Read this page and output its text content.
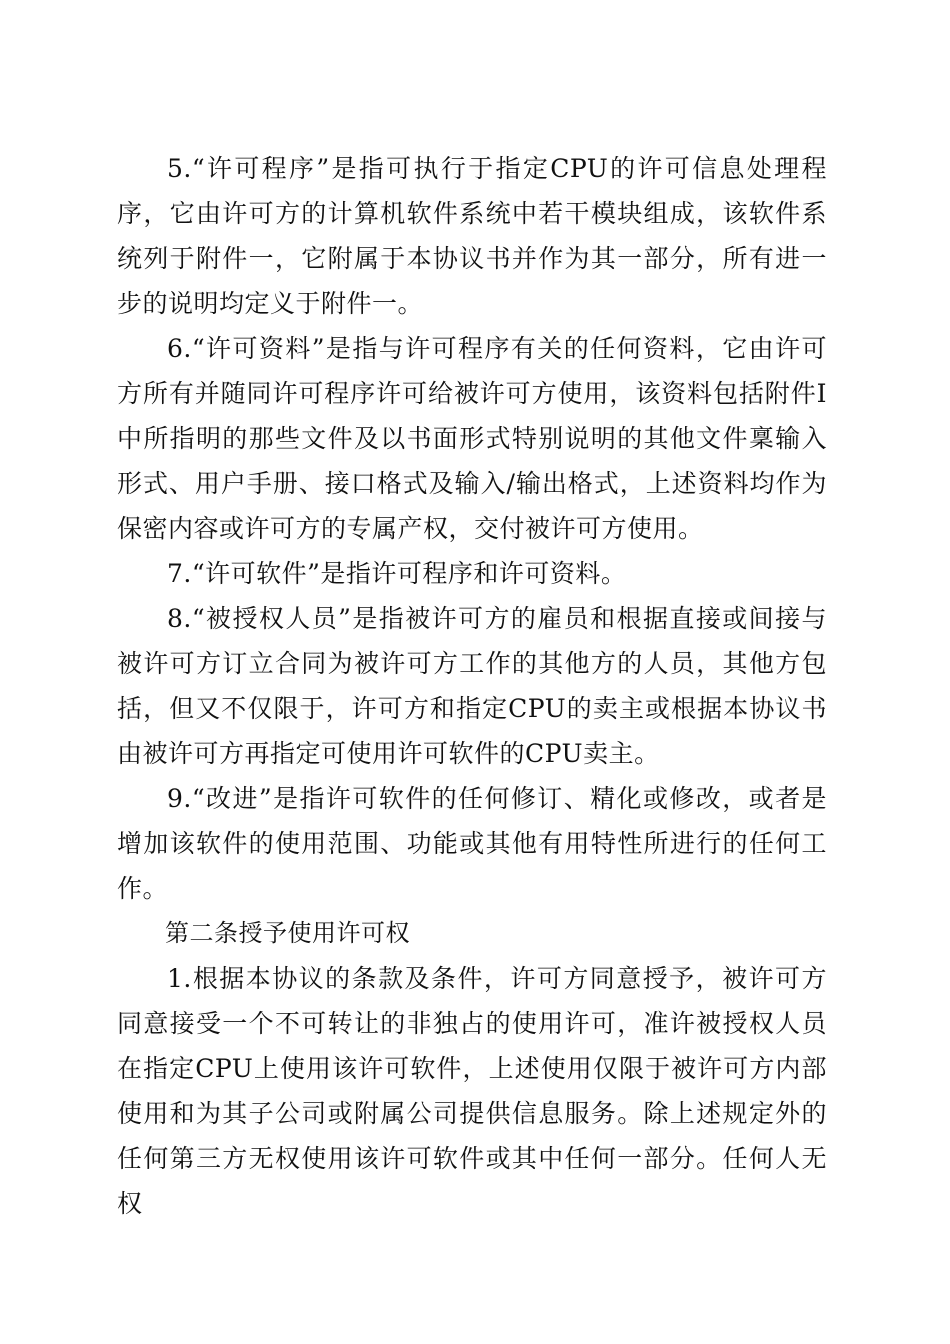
5.“许可程序”是指可执行于指定CPU的许可信息处理程序，它由许可方的计算机软件系统中若干模块组成，该软件系统列于附件一，它附属于本协议书并作为其一部分，所有进一步的说明均定义于附件一。

6.“许可资料”是指与许可程序有关的任何资料，它由许可方所有并随同许可程序许可给被许可方使用，该资料包括附件I中所指明的那些文件及以书面形式特别说明的其他文件稟输入形式、用户手册、接口格式及输入/输出格式，上述资料均作为保密内容或许可方的专属产权，交付被许可方使用。

7.“许可软件”是指许可程序和许可资料。

8.“被授权人员”是指被许可方的雇员和根据直接或间接与被许可方订立合同为被许可方工作的其他方的人员，其他方包括，但又不仅限于，许可方和指定CPU的卖主或根据本协议书由被许可方再指定可使用许可软件的CPU卖主。

9.“改进”是指许可软件的任何修订、精化或修改，或者是增加该软件的使用范围、功能或其他有用特性所进行的任何工作。

第二条授予使用许可权

1.根据本协议的条款及条件，许可方同意授予，被许可方同意接受一个不可转让的非独占的使用许可，准许被授权人员在指定CPU上使用该许可软件，上述使用仅限于被许可方内部使用和为其子公司或附属公司提供信息服务。除上述规定外的任何第三方无权使用该许可软件或其中任何一部分。任何人无权
